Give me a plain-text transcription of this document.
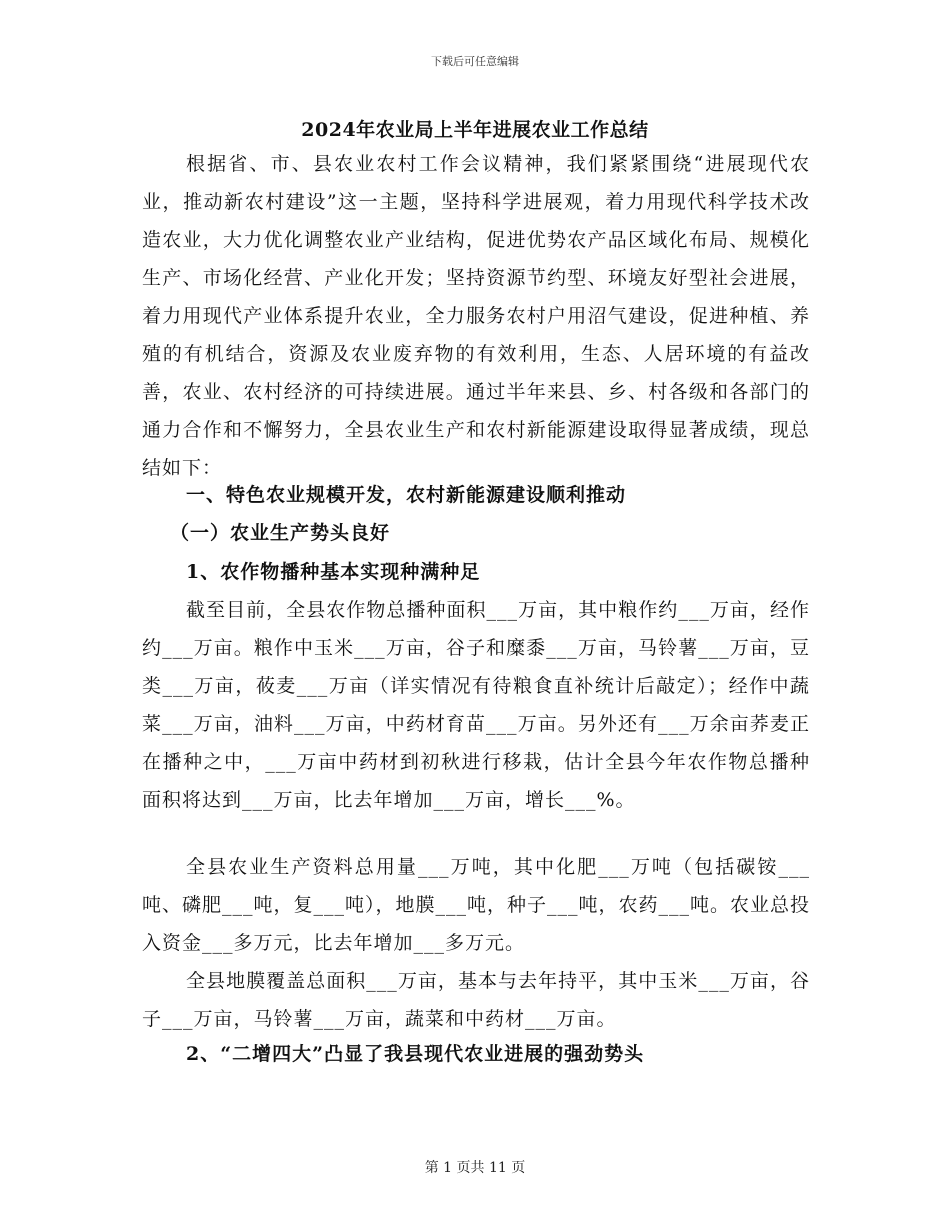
下载后可任意编辑
2024年农业局上半年进展农业工作总结

根据省、市、县农业农村工作会议精神，我们紧紧围绕“进展现代农业，推动新农村建设”这一主题，坚持科学进展观，着力用现代科学技术改造农业，大力优化调整农业产业结构，促进优势农产品区域化布局、规模化生产、市场化经营、产业化开发；坚持资源节约型、环境友好型社会进展，着力用现代产业体系提升农业，全力服务农村户用沼气建设，促进种植、养殖的有机结合，资源及农业废弃物的有效利用，生态、人居环境的有益改善，农业、农村经济的可持续进展。通过半年来县、乡、村各级和各部门的通力合作和不懈努力，全县农业生产和农村新能源建设取得显著成绩，现总结如下：

一、特色农业规模开发，农村新能源建设顺利推动
（一）农业生产势头良好
1、农作物播种基本实现种满种足

截至目前，全县农作物总播种面积___万亩，其中粮作约___万亩，经作约___万亩。粮作中玉米___万亩，谷子和糜黍___万亩，马铃薯___万亩，豆类___万亩，莜麦___万亩（详实情况有待粮食直补统计后敲定）；经作中蔬菜___万亩，油料___万亩，中药材育苗___万亩。另外还有___万余亩荞麦正在播种之中，___万亩中药材到初秋进行移栽，估计全县今年农作物总播种面积将达到___万亩，比去年增加___万亩，增长___%。

全县农业生产资料总用量___万吨，其中化肥___万吨（包括碳铵___吨、磷肥___吨，复___吨），地膜___吨，种子___吨，农药___吨。农业总投入资金___多万元，比去年增加___多万元。

全县地膜覆盖总面积___万亩，基本与去年持平，其中玉米___万亩，谷子___万亩，马铃薯___万亩，蔬菜和中药材___万亩。

2、“二增四大”凸显了我县现代农业进展的强劲势头
第 1 页共 11 页
